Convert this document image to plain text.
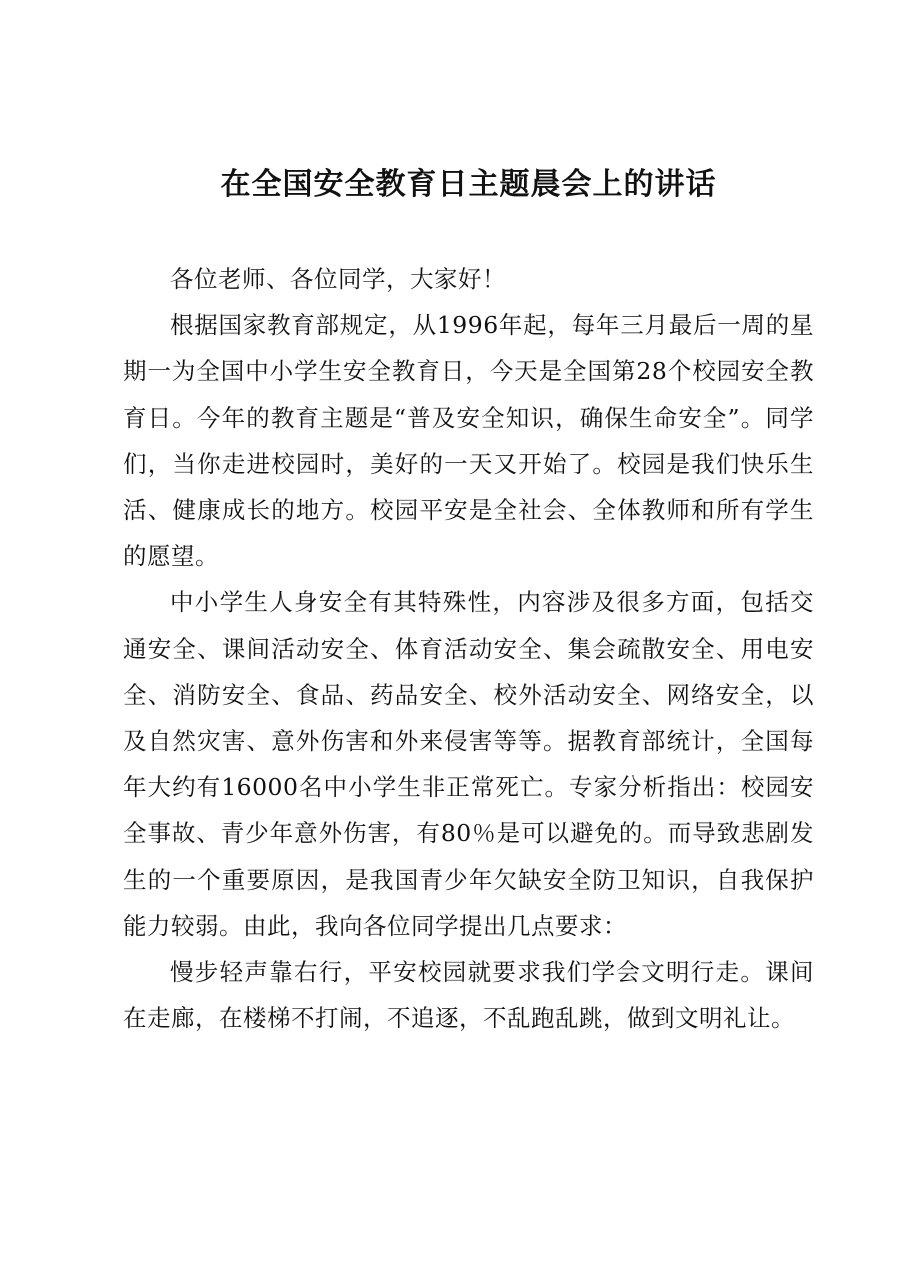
在全国安全教育日主题晨会上的讲话

各位老师、各位同学，大家好！

根据国家教育部规定，从1996年起，每年三月最后一周的星期一为全国中小学生安全教育日，今天是全国第28个校园安全教育日。今年的教育主题是“普及安全知识，确保生命安全”。同学们，当你走进校园时，美好的一天又开始了。校园是我们快乐生活、健康成长的地方。校园平安是全社会、全体教师和所有学生的愿望。

中小学生人身安全有其特殊性，内容涉及很多方面，包括交通安全、课间活动安全、体育活动安全、集会疏散安全、用电安全、消防安全、食品、药品安全、校外活动安全、网络安全，以及自然灾害、意外伤害和外来侵害等等。据教育部统计，全国每年大约有16000名中小学生非正常死亡。专家分析指出：校园安全事故、青少年意外伤害，有80％是可以避免的。而导致悲剧发生的一个重要原因，是我国青少年欠缺安全防卫知识，自我保护能力较弱。由此，我向各位同学提出几点要求：

慢步轻声靠右行，平安校园就要求我们学会文明行走。课间在走廊，在楼梯不打闹，不追逐，不乱跑乱跳，做到文明礼让。
